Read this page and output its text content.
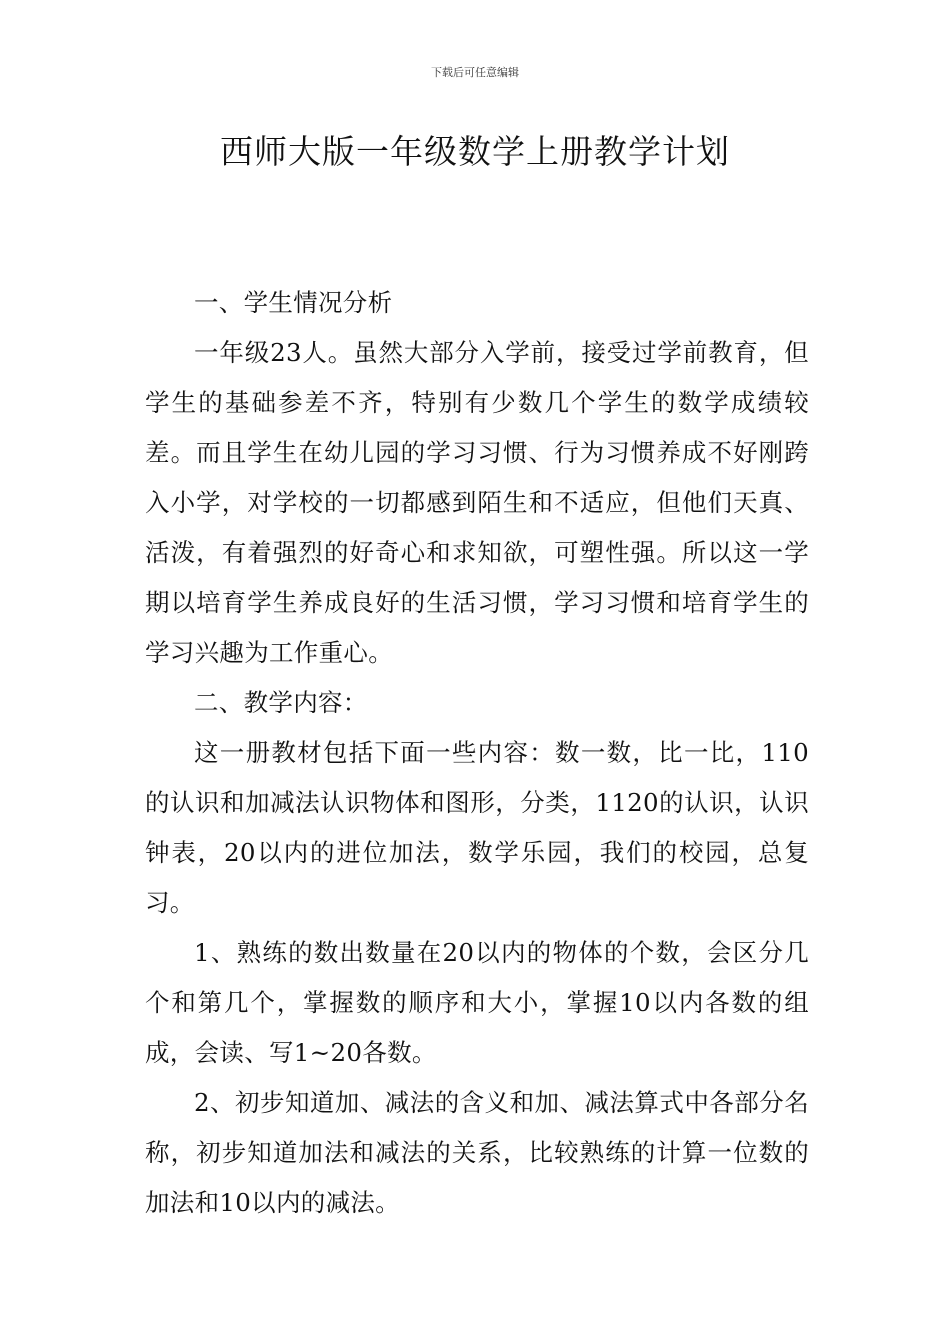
下载后可任意编辑
西师大版一年级数学上册教学计划

一、学生情况分析

一年级23人。虽然大部分入学前，接受过学前教育，但学生的基础参差不齐，特别有少数几个学生的数学成绩较差。而且学生在幼儿园的学习习惯、行为习惯养成不好刚跨入小学，对学校的一切都感到陌生和不适应，但他们天真、活泼，有着强烈的好奇心和求知欲，可塑性强。所以这一学期以培育学生养成良好的生活习惯，学习习惯和培育学生的学习兴趣为工作重心。

二、教学内容：

这一册教材包括下面一些内容：数一数，比一比，110的认识和加减法认识物体和图形，分类，1120的认识，认识钟表，20以内的进位加法，数学乐园，我们的校园，总复习。

1、熟练的数出数量在20以内的物体的个数，会区分几个和第几个，掌握数的顺序和大小，掌握10以内各数的组成，会读、写1~20各数。

2、初步知道加、减法的含义和加、减法算式中各部分名称，初步知道加法和减法的关系，比较熟练的计算一位数的加法和10以内的减法。
